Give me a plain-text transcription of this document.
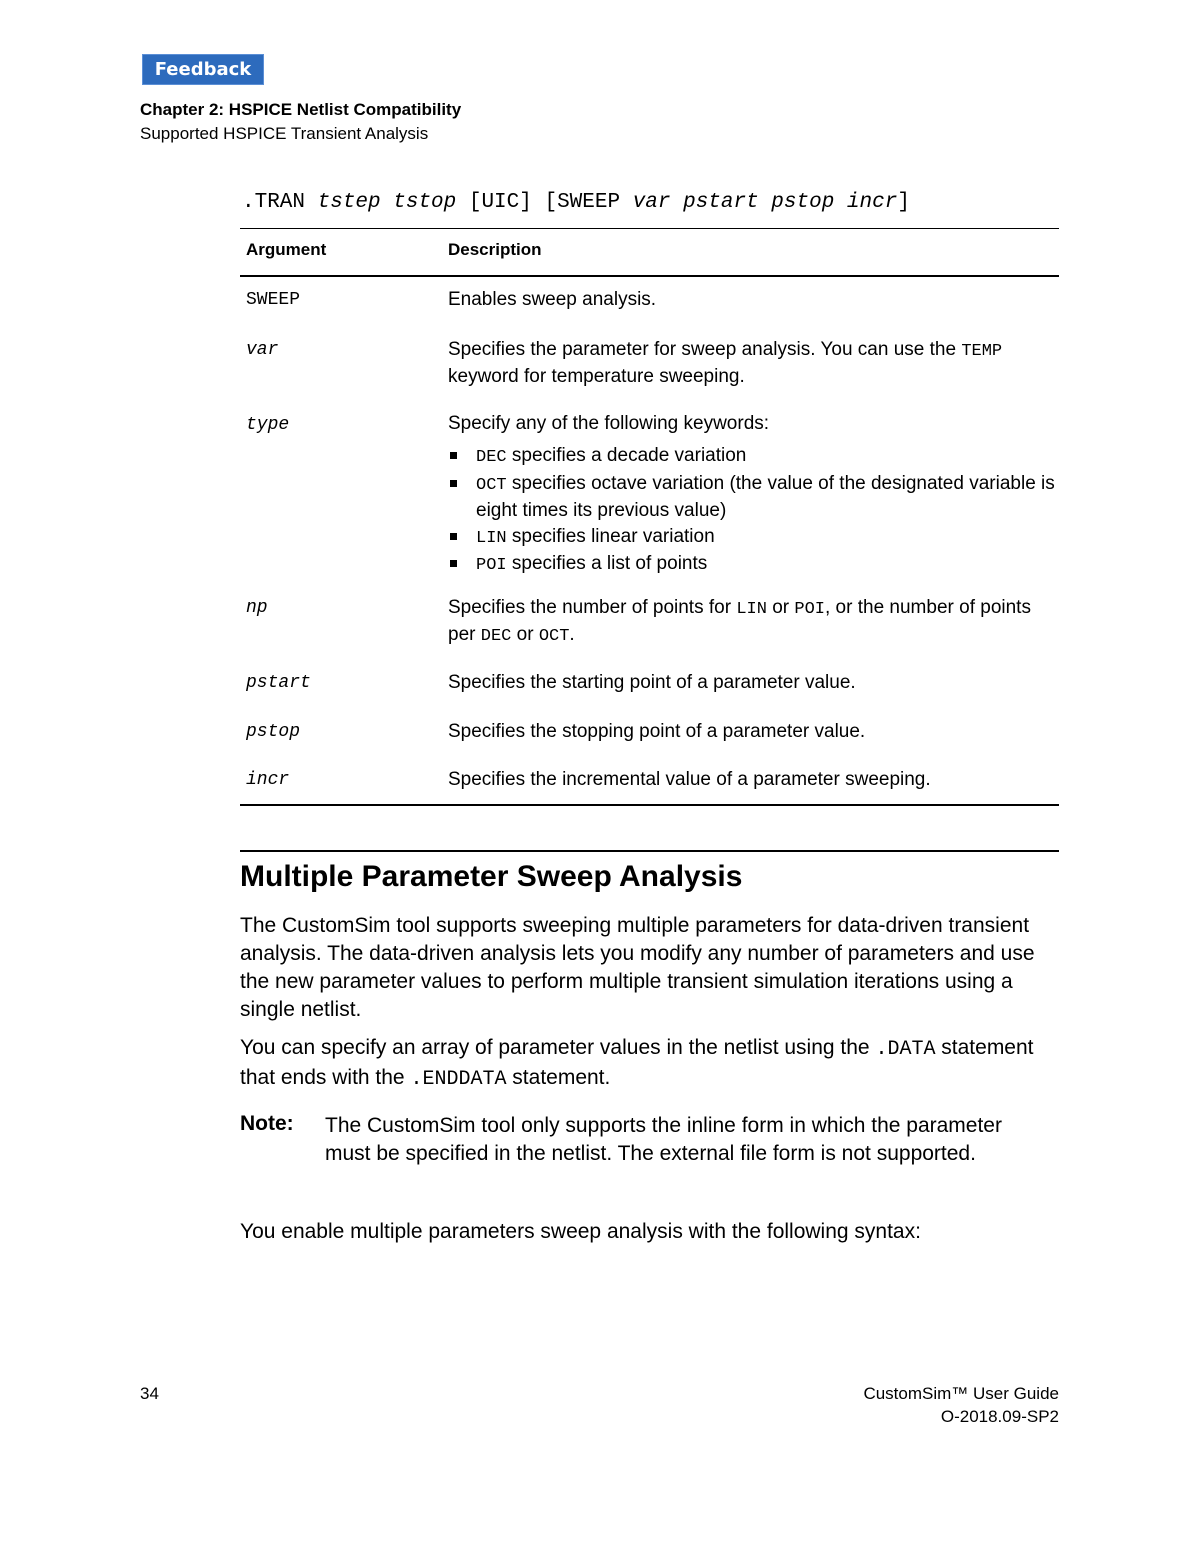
Feedback
Chapter 2: HSPICE Netlist Compatibility
Supported HSPICE Transient Analysis
.TRAN tstep tstop [UIC] [SWEEP var pstart pstop incr]
Argument	Description
SWEEP	Enables sweep analysis.
var	Specifies the parameter for sweep analysis. You can use the TEMP keyword for temperature sweeping.
type	Specify any of the following keywords:
DEC specifies a decade variation
OCT specifies octave variation (the value of the designated variable is eight times its previous value)
LIN specifies linear variation
POI specifies a list of points
np	Specifies the number of points for LIN or POI, or the number of points per DEC or OCT.
pstart	Specifies the starting point of a parameter value.
pstop	Specifies the stopping point of a parameter value.
incr	Specifies the incremental value of a parameter sweeping.
Multiple Parameter Sweep Analysis
The CustomSim tool supports sweeping multiple parameters for data-driven transient analysis. The data-driven analysis lets you modify any number of parameters and use the new parameter values to perform multiple transient simulation iterations using a single netlist.
You can specify an array of parameter values in the netlist using the .DATA statement that ends with the .ENDDATA statement.
Note: The CustomSim tool only supports the inline form in which the parameter must be specified in the netlist. The external file form is not supported.
You enable multiple parameters sweep analysis with the following syntax:
34	CustomSim™ User Guide
O-2018.09-SP2
